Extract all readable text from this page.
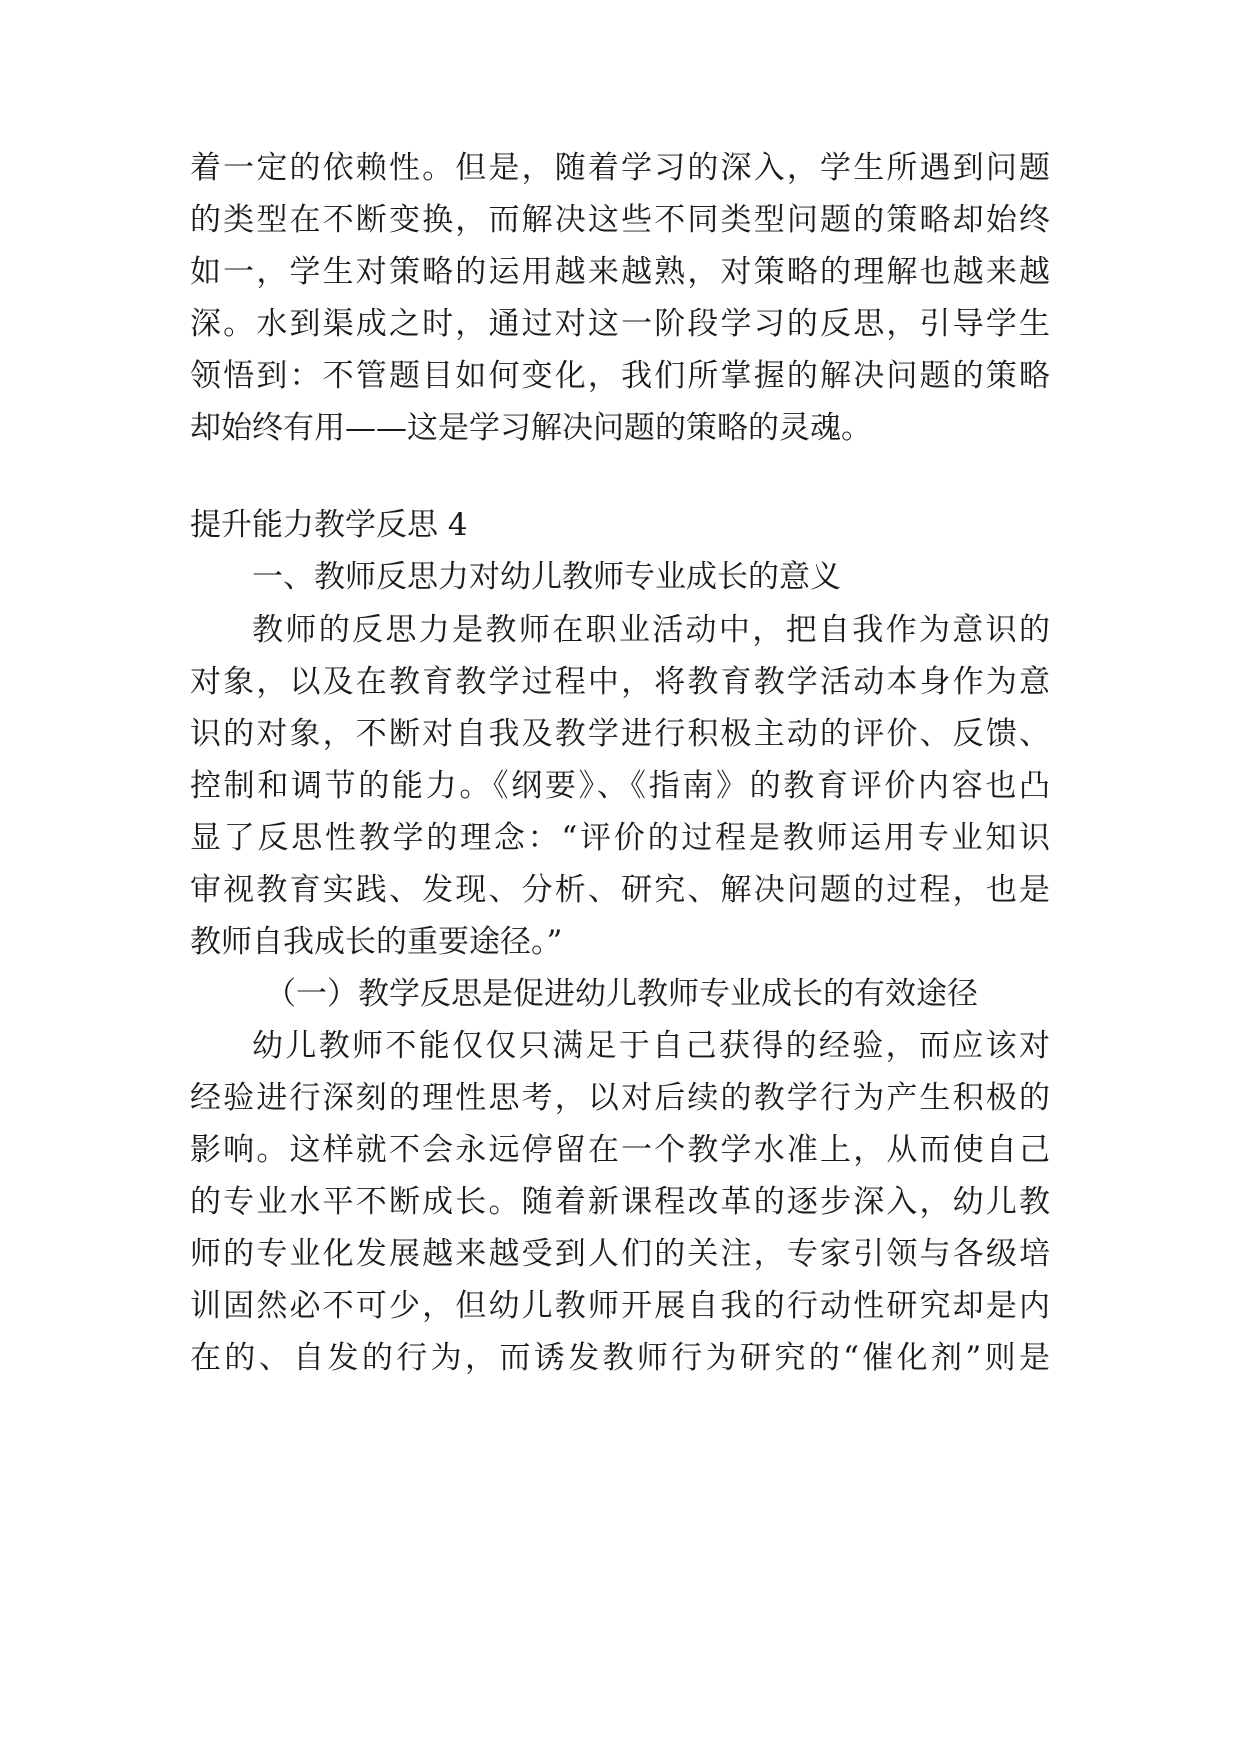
着一定的依赖性。但是，随着学习的深入，学生所遇到问题
的类型在不断变换，而解决这些不同类型问题的策略却始终
如一，学生对策略的运用越来越熟，对策略的理解也越来越
深。水到渠成之时，通过对这一阶段学习的反思，引导学生
领悟到：不管题目如何变化，我们所掌握的解决问题的策略
却始终有用——这是学习解决问题的策略的灵魂。
提升能力教学反思 4
一、教师反思力对幼儿教师专业成长的意义
教师的反思力是教师在职业活动中，把自我作为意识的
对象，以及在教育教学过程中，将教育教学活动本身作为意
识的对象，不断对自我及教学进行积极主动的评价、反馈、
控制和调节的能力。《纲要》、《指南》的教育评价内容也凸
显了反思性教学的理念：“评价的过程是教师运用专业知识
审视教育实践、发现、分析、研究、解决问题的过程，也是
教师自我成长的重要途径。”
（一）教学反思是促进幼儿教师专业成长的有效途径
幼儿教师不能仅仅只满足于自己获得的经验，而应该对
经验进行深刻的理性思考，以对后续的教学行为产生积极的
影响。这样就不会永远停留在一个教学水准上，从而使自己
的专业水平不断成长。随着新课程改革的逐步深入，幼儿教
师的专业化发展越来越受到人们的关注，专家引领与各级培
训固然必不可少，但幼儿教师开展自我的行动性研究却是内
在的、自发的行为，而诱发教师行为研究的“催化剂”则是
